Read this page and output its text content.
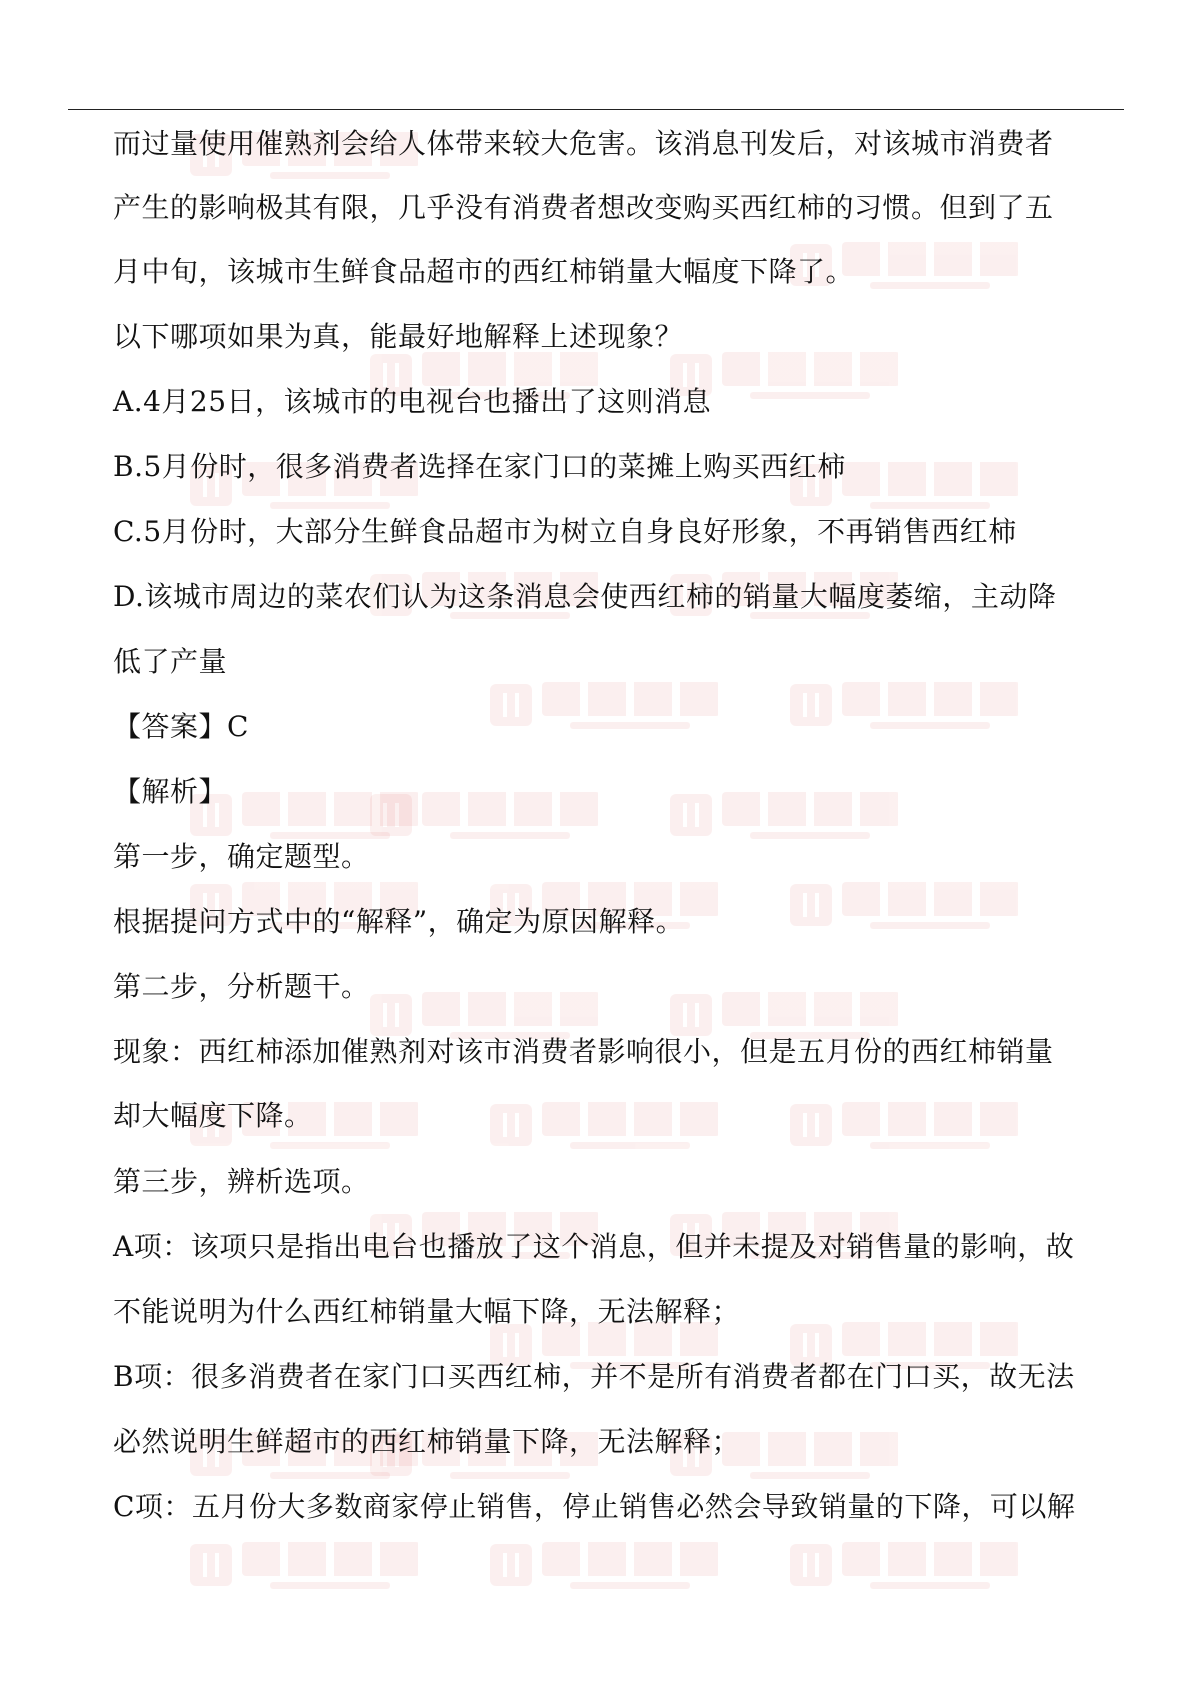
而过量使用催熟剂会给人体带来较大危害。该消息刊发后，对该城市消费者
产生的影响极其有限，几乎没有消费者想改变购买西红柿的习惯。但到了五
月中旬，该城市生鲜食品超市的西红柿销量大幅度下降了。
以下哪项如果为真，能最好地解释上述现象？
A.4月25日，该城市的电视台也播出了这则消息
B.5月份时，很多消费者选择在家门口的菜摊上购买西红柿
C.5月份时，大部分生鲜食品超市为树立自身良好形象，不再销售西红柿
D.该城市周边的菜农们认为这条消息会使西红柿的销量大幅度萎缩，主动降
低了产量
【答案】C
【解析】
第一步，确定题型。
根据提问方式中的“解释”，确定为原因解释。
第二步，分析题干。
现象：西红柿添加催熟剂对该市消费者影响很小，但是五月份的西红柿销量
却大幅度下降。
第三步，辨析选项。
A项：该项只是指出电台也播放了这个消息，但并未提及对销售量的影响，故
不能说明为什么西红柿销量大幅下降，无法解释；
B项：很多消费者在家门口买西红柿，并不是所有消费者都在门口买，故无法
必然说明生鲜超市的西红柿销量下降，无法解释；
C项：五月份大多数商家停止销售，停止销售必然会导致销量的下降，可以解
